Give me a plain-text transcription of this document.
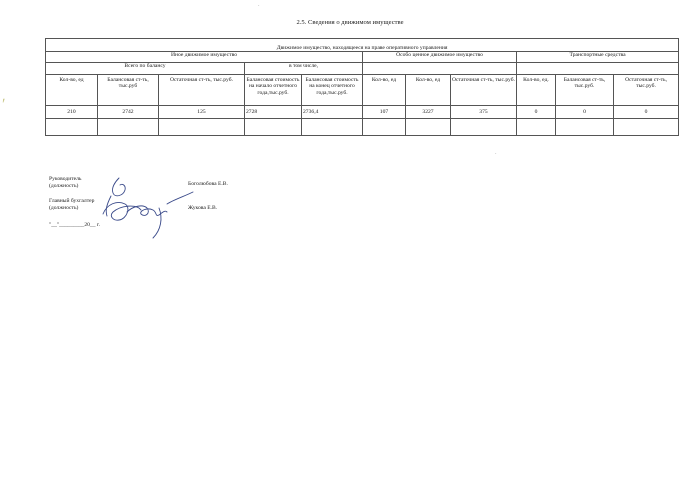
2.5. Сведения о движимом имуществе
Движимое имущество, находящееся на праве оперативного управления										
Иное движимое имущество					Особо ценное движимое имущество			Транспортные средства		
Всего по балансу			в том числе,							
Кол-во, ед	Балансовая ст-ть, тыс.руб	Остаточная ст-ть, тыс.руб.	Балансовая стоимость на начало отчетного года,тыс.руб.	Балансовая стоимость на конец отчетного года,тыс.руб.	Кол-во, ед	Кол-во, ед	Остаточная ст-ть, тыс.руб.	Кол-во, ед.	Балансовая ст-ть, тыс.руб.	Остаточная ст-ть, тыс.руб.
210	2742	125	2728	2736,4	107	3227	375	0	0	0

Руководитель
(должность)	Боголюбова Е.В.
Главный бухгалтер
(должность)	Жукова Е.В.
"__"_________20__ г.
·
·
ʹ
